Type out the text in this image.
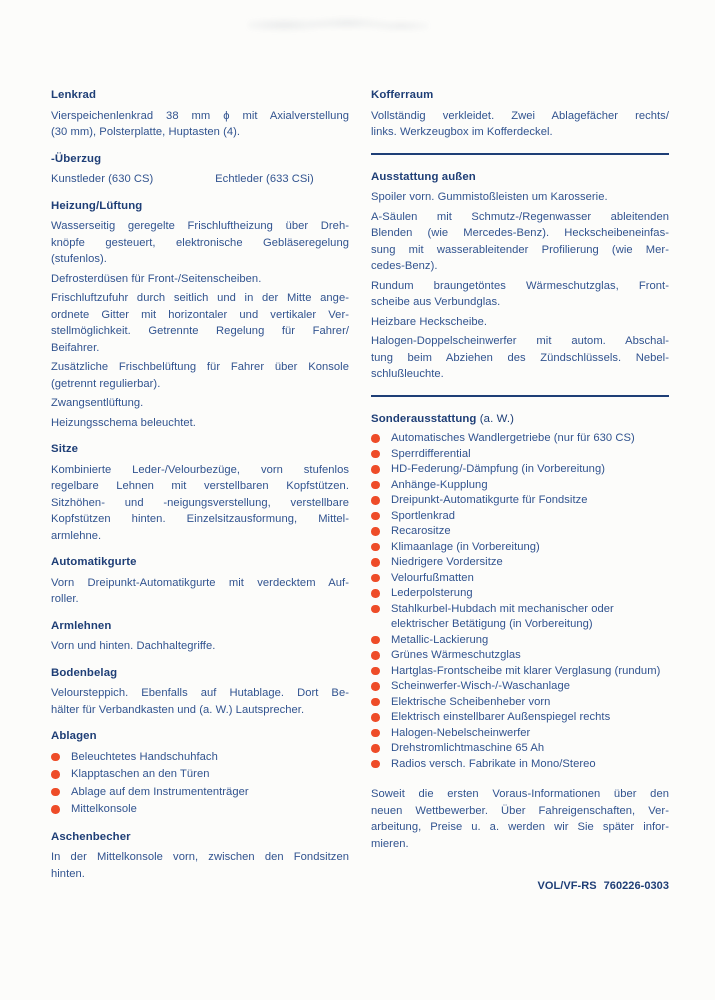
Lenkrad
Vierspeichenlenkrad 38 mm ϕ mit Axialverstellung
(30 mm), Polsterplatte, Huptasten (4).
-Überzug
Kunstleder (630 CS)	Echtleder (633 CSi)
Heizung/Lüftung
Wasserseitig geregelte Frischluftheizung über Dreh-
knöpfe gesteuert, elektronische Gebläseregelung
(stufenlos).
Defrosterdüsen für Front-/Seitenscheiben.
Frischluftzufuhr durch seitlich und in der Mitte ange-
ordnete Gitter mit horizontaler und vertikaler Ver-
stellmöglichkeit. Getrennte Regelung für Fahrer/
Beifahrer.
Zusätzliche Frischbelüftung für Fahrer über Konsole
(getrennt regulierbar).
Zwangsentlüftung.
Heizungsschema beleuchtet.
Sitze
Kombinierte Leder-/Velourbezüge, vorn stufenlos
regelbare Lehnen mit verstellbaren Kopfstützen.
Sitzhöhen- und -neigungsverstellung, verstellbare
Kopfstützen hinten. Einzelsitzausformung, Mittel-
armlehne.
Automatikgurte
Vorn Dreipunkt-Automatikgurte mit verdecktem Auf-
roller.
Armlehnen
Vorn und hinten. Dachhaltegriffe.
Bodenbelag
Veloursteppich. Ebenfalls auf Hutablage. Dort Be-
hälter für Verbandkasten und (a. W.) Lautsprecher.
Ablagen
Beleuchtetes Handschuhfach
Klapptaschen an den Türen
Ablage auf dem Instrumententräger
Mittelkonsole
Aschenbecher
In der Mittelkonsole vorn, zwischen den Fondsitzen
hinten.
Kofferraum
Vollständig verkleidet. Zwei Ablagefächer rechts/
links. Werkzeugbox im Kofferdeckel.
Ausstattung außen
Spoiler vorn. Gummistoßleisten um Karosserie.
A-Säulen mit Schmutz-/Regenwasser ableitenden
Blenden (wie Mercedes-Benz). Heckscheibeneinfas-
sung mit wasserableitender Profilierung (wie Mer-
cedes-Benz).
Rundum braungetöntes Wärmeschutzglas, Front-
scheibe aus Verbundglas.
Heizbare Heckscheibe.
Halogen-Doppelscheinwerfer mit autom. Abschal-
tung beim Abziehen des Zündschlüssels. Nebel-
schlußleuchte.
Sonderausstattung (a. W.)
Automatisches Wandlergetriebe (nur für 630 CS)
Sperrdifferential
HD-Federung/-Dämpfung (in Vorbereitung)
Anhänge-Kupplung
Dreipunkt-Automatikgurte für Fondsitze
Sportlenkrad
Recarositze
Klimaanlage (in Vorbereitung)
Niedrigere Vordersitze
Velourfußmatten
Lederpolsterung
Stahlkurbel-Hubdach mit mechanischer oder elektrischer Betätigung (in Vorbereitung)
Metallic-Lackierung
Grünes Wärmeschutzglas
Hartglas-Frontscheibe mit klarer Verglasung (rundum)
Scheinwerfer-Wisch-/-Waschanlage
Elektrische Scheibenheber vorn
Elektrisch einstellbarer Außenspiegel rechts
Halogen-Nebelscheinwerfer
Drehstromlichtmaschine 65 Ah
Radios versch. Fabrikate in Mono/Stereo
Soweit die ersten Voraus-Informationen über den
neuen Wettbewerber. Über Fahreigenschaften, Ver-
arbeitung, Preise u. a. werden wir Sie später infor-
mieren.
VOL/VF-RS 760226-0303
